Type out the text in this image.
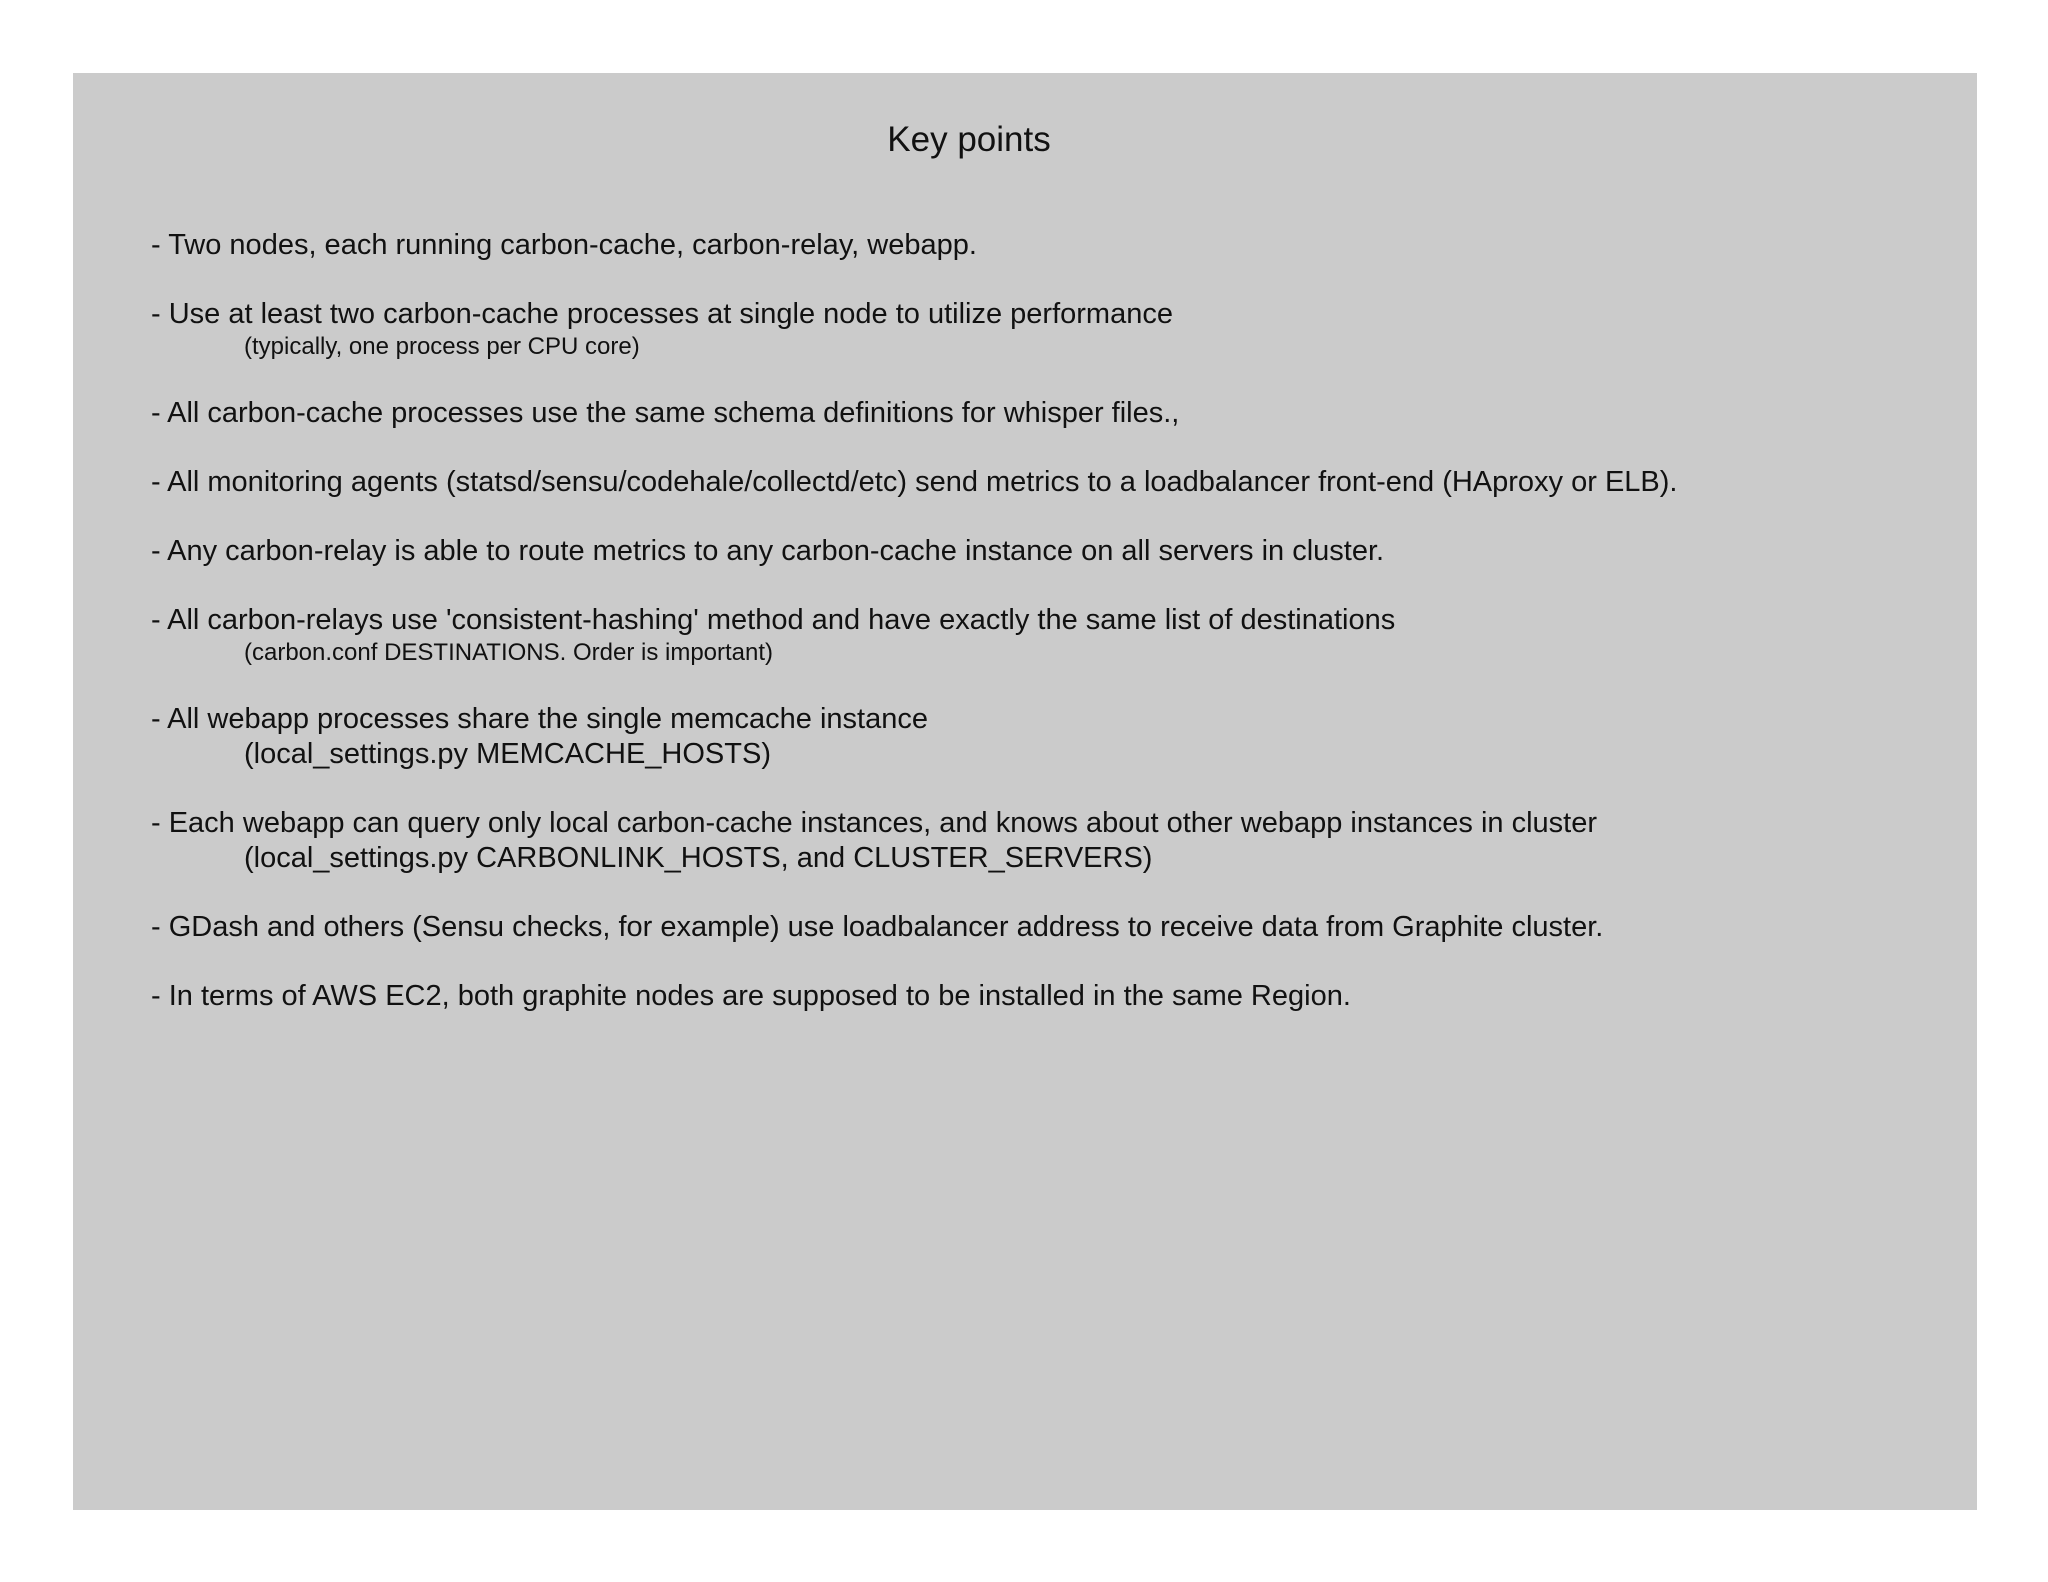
Key points
- Two nodes, each running carbon-cache, carbon-relay, webapp.
- Use at least two carbon-cache processes at single node to utilize performance
(typically, one process per CPU core)
- All carbon-cache processes use the same schema definitions for whisper files.,
- All monitoring agents (statsd/sensu/codehale/collectd/etc) send metrics to a loadbalancer front-end (HAproxy or ELB).
- Any carbon-relay is able to route metrics to any carbon-cache instance on all servers in cluster.
- All carbon-relays use 'consistent-hashing' method and have exactly the same list of destinations
(carbon.conf DESTINATIONS. Order is important)
- All webapp processes share the single memcache instance
(local_settings.py MEMCACHE_HOSTS)
- Each webapp can query only local carbon-cache instances, and knows about other webapp instances in cluster
(local_settings.py CARBONLINK_HOSTS, and CLUSTER_SERVERS)
- GDash and others (Sensu checks, for example) use loadbalancer address to receive data from Graphite cluster.
- In terms of AWS EC2, both graphite nodes are supposed to be installed in the same Region.
